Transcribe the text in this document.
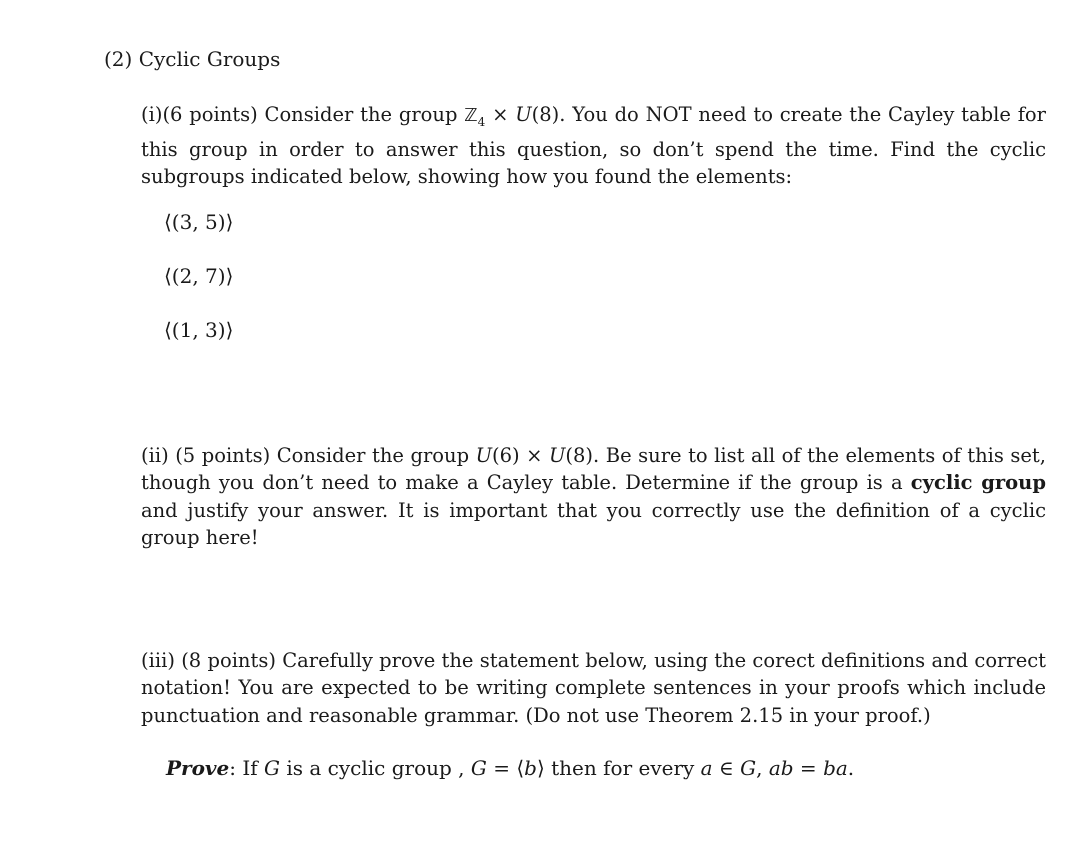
(2) Cyclic Groups
(i)(6 points) Consider the group ℤ$_4$ × U(8). You do NOT need to create the Cayley table for this group in order to answer this question, so don’t spend the time. Find the cyclic subgroups indicated below, showing how you found the elements:
⟨(3, 5)⟩
⟨(2, 7)⟩
⟨(1, 3)⟩
(ii) (5 points) Consider the group U(6) × U(8). Be sure to list all of the elements of this set, though you don’t need to make a Cayley table. Determine if the group is a cyclic group and justify your answer. It is important that you correctly use the definition of a cyclic group here!
(iii) (8 points) Carefully prove the statement below, using the corect definitions and correct notation! You are expected to be writing complete sentences in your proofs which include punctuation and reasonable grammar. (Do not use Theorem 2.15 in your proof.)
Prove: If G is a cyclic group , G = ⟨b⟩ then for every a ∈ G, ab = ba.
